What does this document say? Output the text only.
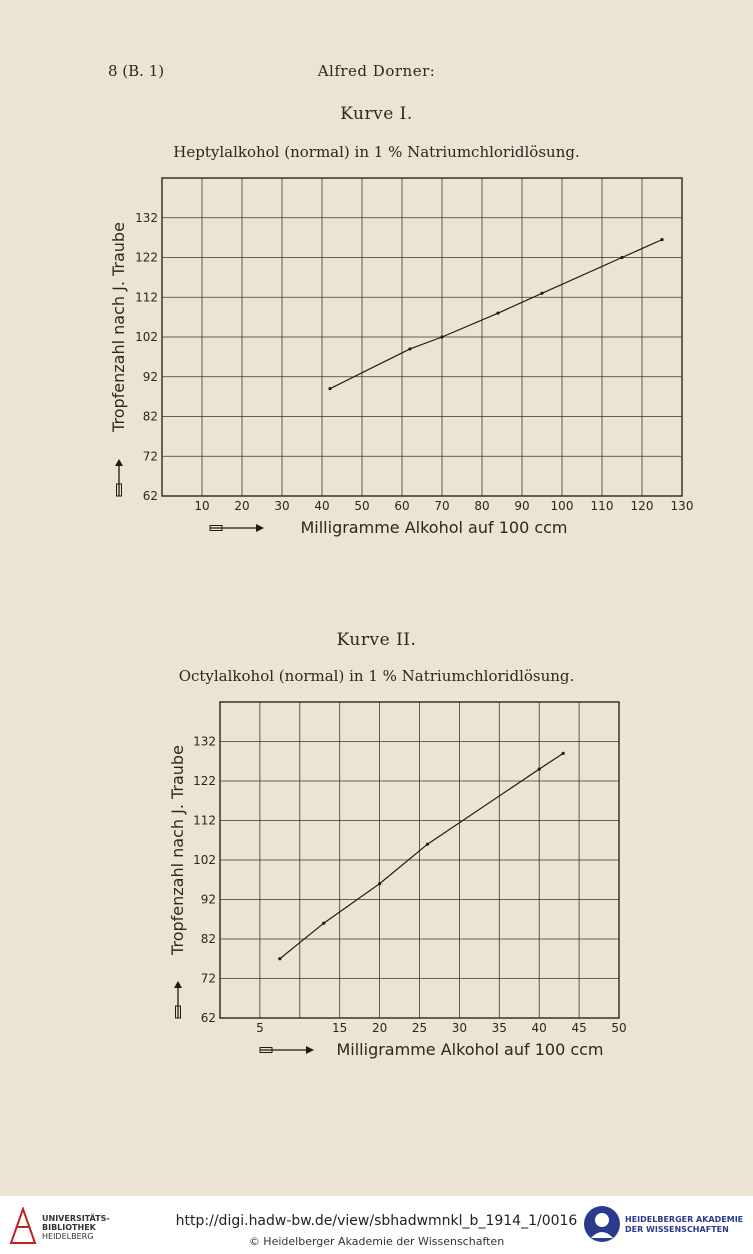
8 (B. 1)	Alfred Dorner:
Kurve I.
Heptylalkohol (normal) in 1 % Natriumchloridlösung.
10 20 30 40 50 60 70 80 90 100 110 120 130
62
72
82
92
102
112
122
132
Tropfenzahl nach J. Traube
Milligramme Alkohol auf 100 ccm
Kurve II.
Octylalkohol (normal) in 1 % Natriumchloridlösung.
5	15 20 25 30 35 40 45 50
62
72
82
92
102
112
122
132
Tropfenzahl nach J. Traube
Milligramme Alkohol auf 100 ccm
UNIVERSITÄTS-
BIBLIOTHEK
HEIDELBERG
http://digi.hadw-bw.de/view/sbhadwmnkl_b_1914_1/0016
© Heidelberger Akademie der Wissenschaften
HEIDELBERGER AKADEMIE
DER WISSENSCHAFTEN
